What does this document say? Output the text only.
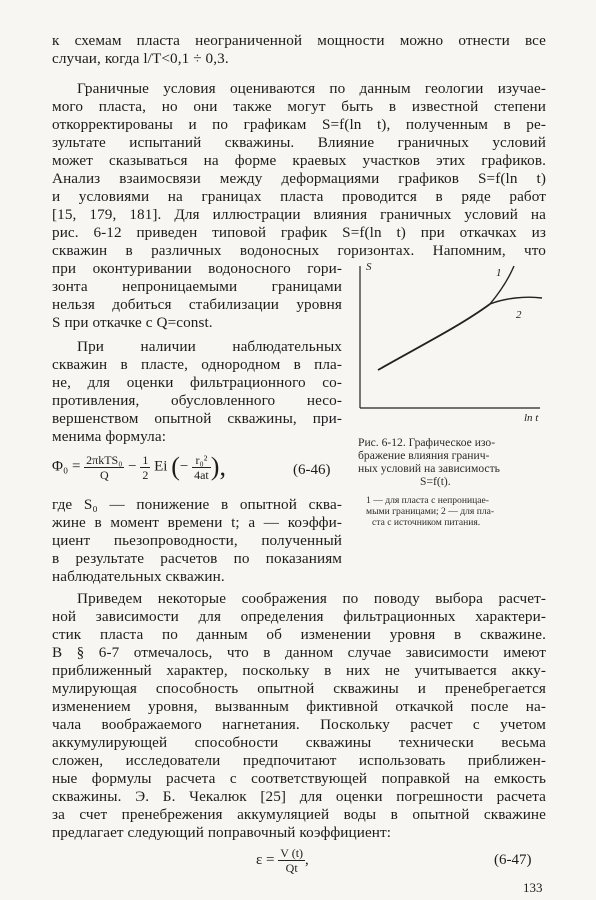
к схемам пласта неограниченной мощности можно отнести все
случаи, когда l/T<0,1 ÷ 0,3.
Граничные условия оцениваются по данным геологии изучае-
мого пласта, но они также могут быть в известной степени
откорректированы и по графикам S=f(ln t), полученным в ре-
зультате испытаний скважины. Влияние граничных условий
может сказываться на форме краевых участков этих графиков.
Анализ взаимосвязи между деформациями графиков S=f(ln t)
и условиями на границах пласта проводится в ряде работ
[15, 179, 181]. Для иллюстрации влияния граничных условий на
рис. 6-12 приведен типовой график S=f(ln t) при откачках из
скважин в различных водоносных горизонтах. Напомним, что
при оконтуривании водоносного гори-
зонта непроницаемыми границами
нельзя добиться стабилизации уровня
S при откачке с Q=const.
При наличии наблюдательных
скважин в пласте, однородном в пла-
не, для оценки фильтрационного со-
противления, обусловленного несо-
вершенством опытной скважины, при-
менима формула:
$\Phi_0 = \frac{\text{2πkTS₀}}{Q} - \frac{1}{2}$ Ei (− $\frac{\text{r₀²}}{4at}$ ),	(6-46)
где S₀ — понижение в опытной сква-
жине в момент времени t; a — коэффи-
циент пьезопроводности, полученный
в результате расчетов по показаниям
наблюдательных скважин.
S
ln t
1
2
Рис. 6-12. Графическое изо-
бражение влияния гранич-
ных условий на зависимость
S=f(t).
1 — для пласта с непроницае-
мыми границами; 2 — для пла-
ста с источником питания.
Приведем некоторые соображения по поводу выбора расчет-
ной зависимости для определения фильтрационных характери-
стик пласта по данным об изменении уровня в скважине.
В § 6-7 отмечалось, что в данном случае зависимости имеют
приближенный характер, поскольку в них не учитывается акку-
мулирующая способность опытной скважины и пренебрегается
изменением уровня, вызванным фиктивной откачкой после на-
чала воображаемого нагнетания. Поскольку расчет с учетом
аккумулирующей способности скважины технически весьма
сложен, исследователи предпочитают использовать приближен-
ные формулы расчета с соответствующей поправкой на емкость
скважины. Э. Б. Чекалюк [25] для оценки погрешности расчета
за счет пренебрежения аккумуляцией воды в опытной скважине
предлагает следующий поправочный коэффициент:
$\varepsilon = \frac{V (t)}{Qt}$ ,	(6-47)
133
